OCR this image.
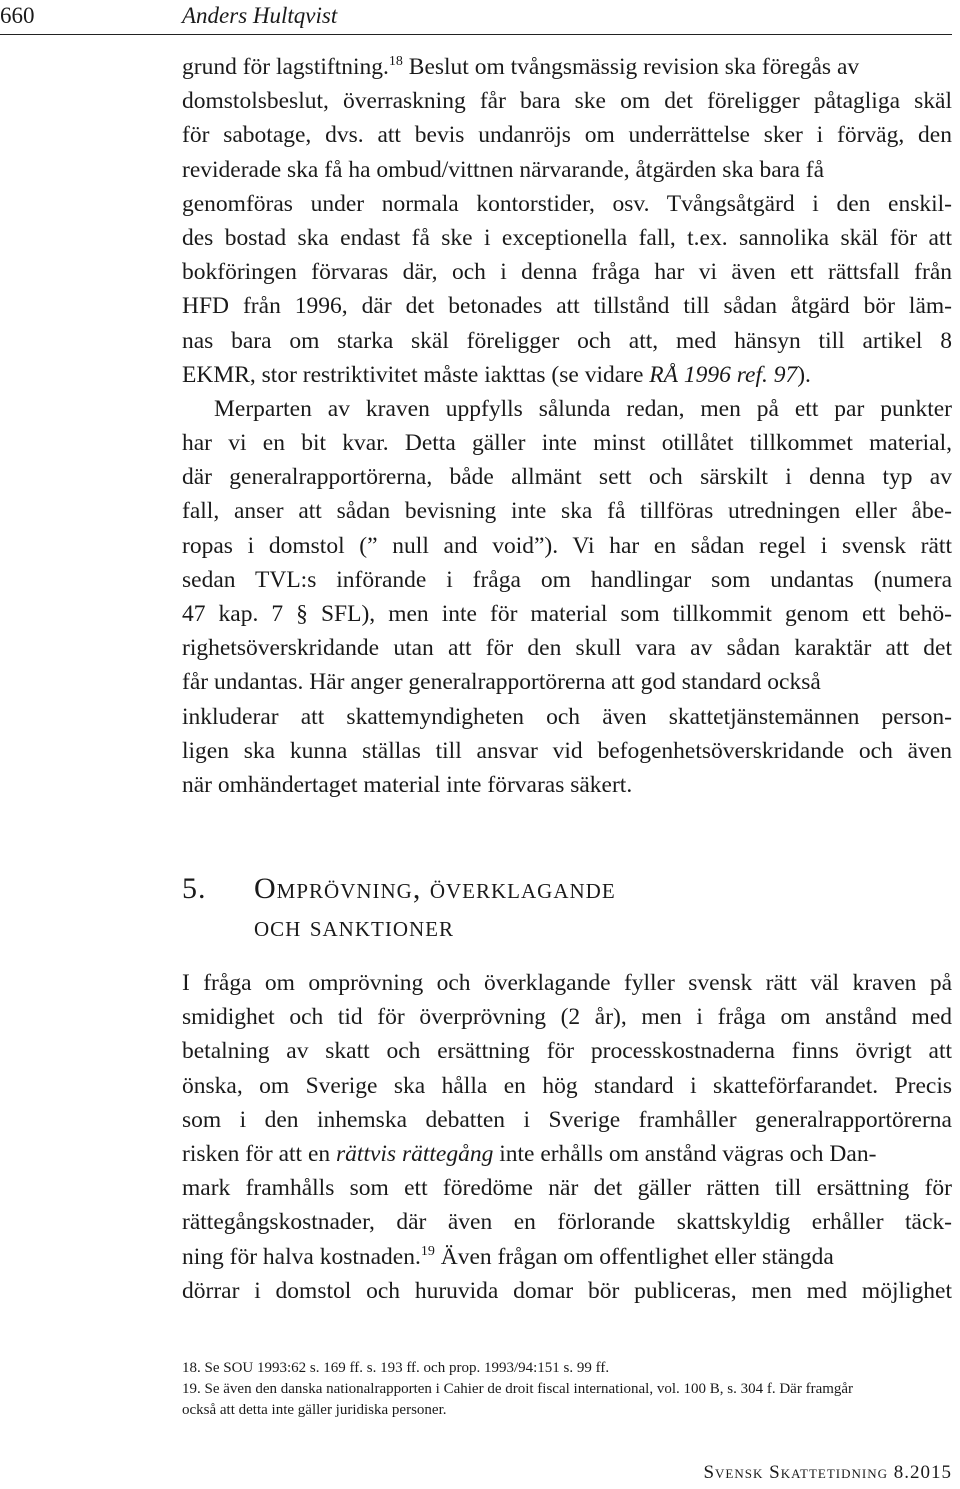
660	Anders Hultqvist
grund för lagstiftning.$^{18}$ Beslut om tvångsmässig revision ska föregås av
domstolsbeslut, överraskning får bara ske om det föreligger påtagliga skäl
för sabotage, dvs. att bevis undanröjs om underrättelse sker i förväg, den
reviderade ska få ha ombud/vittnen närvarande, åtgärden ska bara få
genomföras under normala kontorstider, osv. Tvångsåtgärd i den enskil-
des bostad ska endast få ske i exceptionella fall, t.ex. sannolika skäl för att
bokföringen förvaras där, och i denna fråga har vi även ett rättsfall från
HFD från 1996, där det betonades att tillstånd till sådan åtgärd bör läm-
nas bara om starka skäl föreligger och att, med hänsyn till artikel 8
EKMR, stor restriktivitet måste iakttas (se vidare RÅ 1996 ref. 97).
Merparten av kraven uppfylls sålunda redan, men på ett par punkter
har vi en bit kvar. Detta gäller inte minst otillåtet tillkommet material,
där generalrapportörerna, både allmänt sett och särskilt i denna typ av
fall, anser att sådan bevisning inte ska få tillföras utredningen eller åbe-
ropas i domstol (” null and void”). Vi har en sådan regel i svensk rätt
sedan TVL:s införande i fråga om handlingar som undantas (numera
47 kap. 7 § SFL), men inte för material som tillkommit genom ett behö-
righetsöverskridande utan att för den skull vara av sådan karaktär att det
får undantas. Här anger generalrapportörerna att god standard också
inkluderar att skattemyndigheten och även skattetjänstemännen person-
ligen ska kunna ställas till ansvar vid befogenhetsöverskridande och även
när omhändertaget material inte förvaras säkert.
5. Omprövning, överklagande
och sanktioner
I fråga om omprövning och överklagande fyller svensk rätt väl kraven på
smidighet och tid för överprövning (2 år), men i fråga om anstånd med
betalning av skatt och ersättning för processkostnaderna finns övrigt att
önska, om Sverige ska hålla en hög standard i skatteförfarandet. Precis
som i den inhemska debatten i Sverige framhåller generalrapportörerna
risken för att en rättvis rättegång inte erhålls om anstånd vägras och Dan-
mark framhålls som ett föredöme när det gäller rätten till ersättning för
rättegångskostnader, där även en förlorande skattskyldig erhåller täck-
ning för halva kostnaden.$^{19}$ Även frågan om offentlighet eller stängda
dörrar i domstol och huruvida domar bör publiceras, men med möjlighet
18. Se SOU 1993:62 s. 169 ff. s. 193 ff. och prop. 1993/94:151 s. 99 ff.
19. Se även den danska nationalrapporten i Cahier de droit fiscal international, vol. 100 B, s. 304 f. Där framgår
också att detta inte gäller juridiska personer.
Svensk Skattetidning 8.2015
